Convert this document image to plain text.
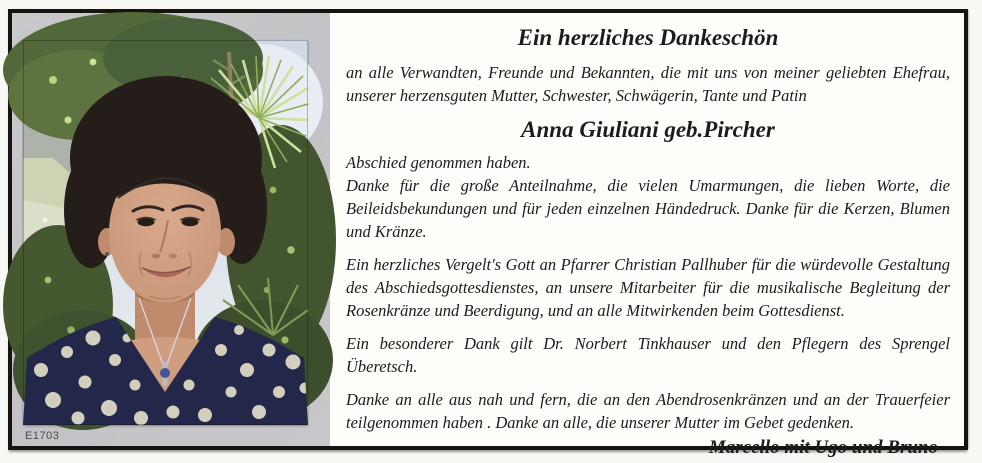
E1703
Ein herzliches Dankeschön

an alle Verwandten, Freunde und Bekannten, die mit uns von meiner geliebten Ehefrau, unserer herzensguten Mutter, Schwester, Schwägerin, Tante und Patin

Anna Giuliani geb.Pircher

Abschied genommen haben.

Danke für die große Anteilnahme, die vielen Umarmungen, die lieben Worte, die Beileidsbekundungen und für jeden einzelnen Händedruck. Danke für die Kerzen, Blumen und Kränze.

Ein herzliches Vergelt's Gott an Pfarrer Christian Pallhuber für die würdevolle Gestaltung des Abschiedsgottesdienstes, an unsere Mitarbeiter für die musikalische Begleitung der Rosenkränze und Beerdigung, und an alle Mitwirkenden beim Gottesdienst.

Ein besonderer Dank gilt Dr. Norbert Tinkhauser und den Pflegern des Sprengel Überetsch.

Danke an alle aus nah und fern, die an den Abendrosenkränzen und an der Trauerfeier teilgenommen haben . Danke an alle, die unserer Mutter im Gebet gedenken.

Marcello mit Ugo und Bruno
